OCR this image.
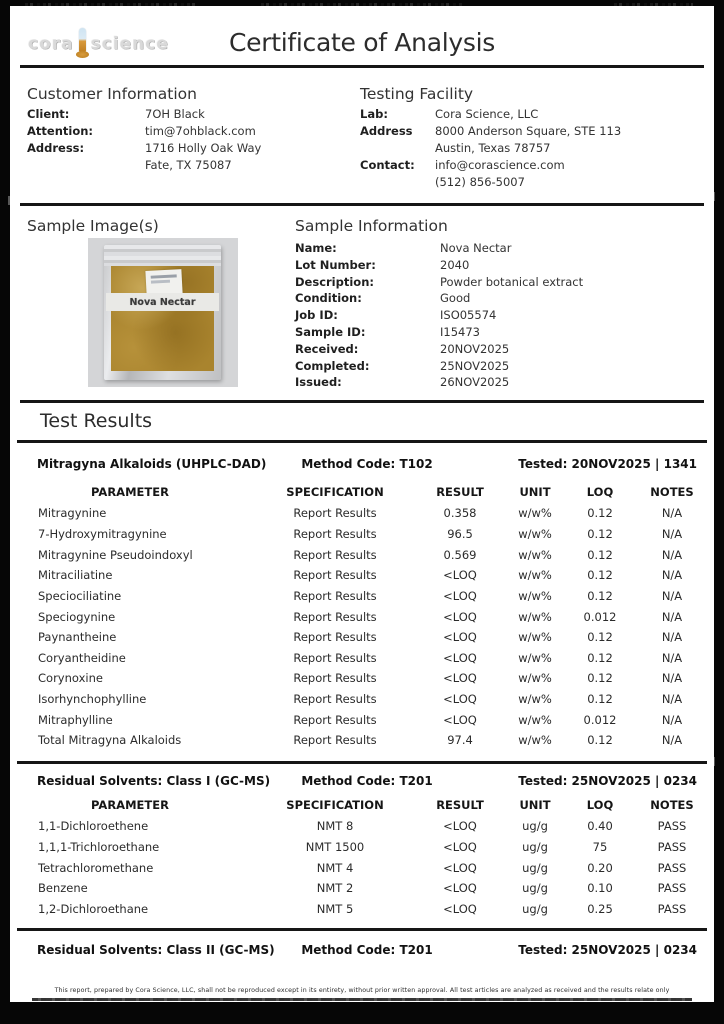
cora science	Certificate of Analysis
Customer Information
Client:	7OH Black
Attention:	tim@7ohblack.com
Address:	1716 Holly Oak Way
Fate, TX 75087
Testing Facility
Lab:	Cora Science, LLC
Address	8000 Anderson Square, STE 113
Austin, Texas 78757
Contact:	info@corascience.com
(512) 856-5007
Sample Image(s)
Nova Nectar
Sample Information
Name:	Nova Nectar
Lot Number:	2040
Description:	Powder botanical extract
Condition:	Good
Job ID:	ISO05574
Sample ID:	I15473
Received:	20NOV2025
Completed:	25NOV2025
Issued:	26NOV2025
Test Results
Mitragyna Alkaloids (UHPLC-DAD)	Method Code: T102	Tested: 20NOV2025 | 1341
PARAMETER	SPECIFICATION	RESULT	UNIT	LOQ	NOTES
Mitragynine	Report Results	0.358	w/w%	0.12	N/A
7-Hydroxymitragynine	Report Results	96.5	w/w%	0.12	N/A
Mitragynine Pseudoindoxyl	Report Results	0.569	w/w%	0.12	N/A
Mitraciliatine	Report Results	<LOQ	w/w%	0.12	N/A
Speciociliatine	Report Results	<LOQ	w/w%	0.12	N/A
Speciogynine	Report Results	<LOQ	w/w%	0.012	N/A
Paynantheine	Report Results	<LOQ	w/w%	0.12	N/A
Coryantheidine	Report Results	<LOQ	w/w%	0.12	N/A
Corynoxine	Report Results	<LOQ	w/w%	0.12	N/A
Isorhynchophylline	Report Results	<LOQ	w/w%	0.12	N/A
Mitraphylline	Report Results	<LOQ	w/w%	0.012	N/A
Total Mitragyna Alkaloids	Report Results	97.4	w/w%	0.12	N/A
Residual Solvents: Class I (GC-MS)	Method Code: T201	Tested: 25NOV2025 | 0234
PARAMETER	SPECIFICATION	RESULT	UNIT	LOQ	NOTES
1,1-Dichloroethene	NMT 8	<LOQ	ug/g	0.40	PASS
1,1,1-Trichloroethane	NMT 1500	<LOQ	ug/g	75	PASS
Tetrachloromethane	NMT 4	<LOQ	ug/g	0.20	PASS
Benzene	NMT 2	<LOQ	ug/g	0.10	PASS
1,2-Dichloroethane	NMT 5	<LOQ	ug/g	0.25	PASS
Residual Solvents: Class II (GC-MS)	Method Code: T201	Tested: 25NOV2025 | 0234
This report, prepared by Cora Science, LLC, shall not be reproduced except in its entirety, without prior written approval. All test articles are analyzed as received and the results relate only
